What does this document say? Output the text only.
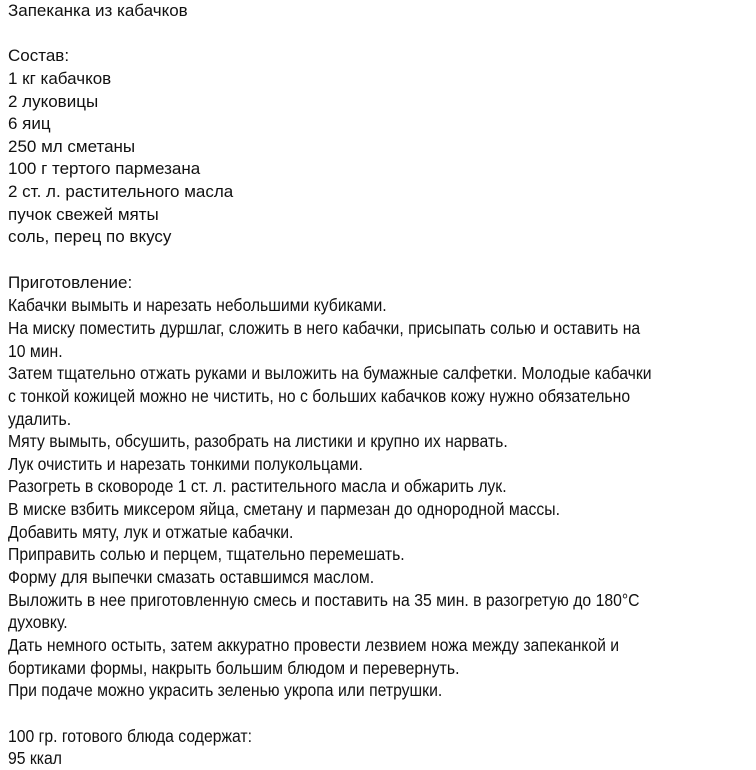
Запеканка из кабачков
Состав:
1 кг кабачков
2 луковицы
6 яиц
250 мл сметаны
100 г тертого пармезана
2 ст. л. растительного масла
пучок свежей мяты
соль, перец по вкусу
Приготовление:
Кабачки вымыть и нарезать небольшими кубиками.
На миску поместить дуршлаг, сложить в него кабачки, присыпать солью и оставить на
10 мин.
Затем тщательно отжать руками и выложить на бумажные салфетки. Молодые кабачки
с тонкой кожицей можно не чистить, но с больших кабачков кожу нужно обязательно
удалить.
Мяту вымыть, обсушить, разобрать на листики и крупно их нарвать.
Лук очистить и нарезать тонкими полукольцами.
Разогреть в сковороде 1 ст. л. растительного масла и обжарить лук.
В миске взбить миксером яйца, сметану и пармезан до однородной массы.
Добавить мяту, лук и отжатые кабачки.
Приправить солью и перцем, тщательно перемешать.
Форму для выпечки смазать оставшимся маслом.
Выложить в нее приготовленную смесь и поставить на 35 мин. в разогретую до 180°C
духовку.
Дать немного остыть, затем аккуратно провести лезвием ножа между запеканкой и
бортиками формы, накрыть большим блюдом и перевернуть.
При подаче можно украсить зеленью укропа или петрушки.
100 гр. готового блюда содержат:
95 ккал
